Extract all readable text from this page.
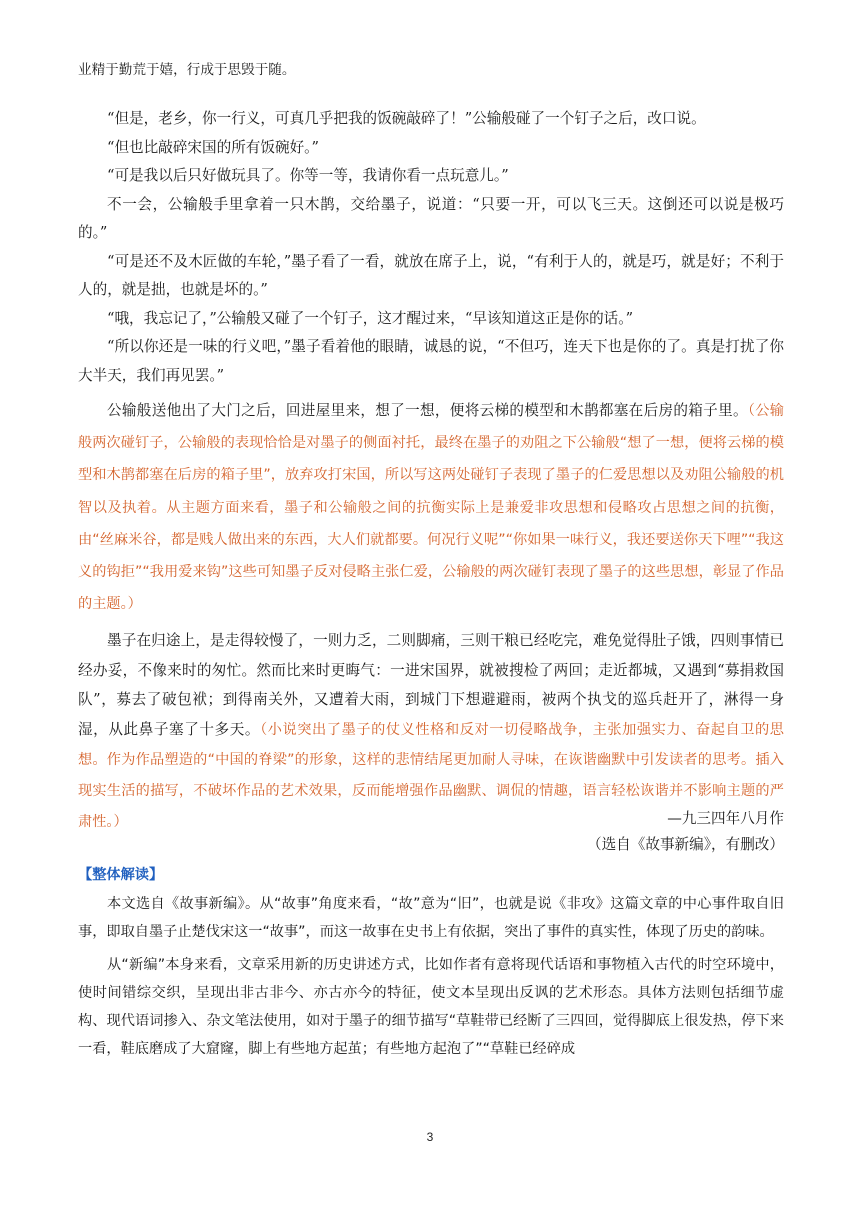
业精于勤荒于嬉，行成于思毁于随。

“但是，老乡，你一行义，可真几乎把我的饭碗敲碎了！”公输般碰了一个钉子之后，改口说。

“但也比敲碎宋国的所有饭碗好。”

“可是我以后只好做玩具了。你等一等，我请你看一点玩意儿。”

不一会，公输般手里拿着一只木鹊，交给墨子，说道：“只要一开，可以飞三天。这倒还可以说是极巧的。”

“可是还不及木匠做的车轮，”墨子看了一看，就放在席子上，说，“有利于人的，就是巧，就是好；不利于人的，就是拙，也就是坏的。”

“哦，我忘记了，”公输般又碰了一个钉子，这才醒过来，“早该知道这正是你的话。”

“所以你还是一味的行义吧，”墨子看着他的眼睛，诚恳的说，“不但巧，连天下也是你的了。真是打扰了你大半天，我们再见罢。”

公输般送他出了大门之后，回进屋里来，想了一想，便将云梯的模型和木鹊都塞在后房的箱子里。（公输般两次碰钉子，公输般的表现恰恰是对墨子的侧面衬托，最终在墨子的劝阻之下公输般“想了一想，便将云梯的模型和木鹊都塞在后房的箱子里”，放弃攻打宋国，所以写这两处碰钉子表现了墨子的仁爱思想以及劝阻公输般的机智以及执着。从主题方面来看，墨子和公输般之间的抗衡实际上是兼爱非攻思想和侵略攻占思想之间的抗衡，由“丝麻米谷，都是贱人做出来的东西，大人们就都要。何况行义呢”“你如果一味行义，我还要送你天下哩”“我这义的钩拒”“我用爱来钩”这些可知墨子反对侵略主张仁爱，公输般的两次碰钉表现了墨子的这些思想，彰显了作品的主题。）

墨子在归途上，是走得较慢了，一则力乏，二则脚痛，三则干粮已经吃完，难免觉得肚子饿，四则事情已经办妥，不像来时的匆忙。然而比来时更晦气：一进宋国界，就被搜检了两回；走近都城，又遇到“募捐救国队”，募去了破包袱；到得南关外，又遭着大雨，到城门下想避避雨，被两个执戈的巡兵赶开了，淋得一身湿，从此鼻子塞了十多天。（小说突出了墨子的仗义性格和反对一切侵略战争，主张加强实力、奋起自卫的思想。作为作品塑造的“中国的脊梁”的形象，这样的悲情结尾更加耐人寻味，在诙谐幽默中引发读者的思考。插入现实生活的描写，不破坏作品的艺术效果，反而能增强作品幽默、调侃的情趣，语言轻松诙谐并不影响主题的严肃性。）	—九三四年八月作
（选自《故事新编》，有删改）
【整体解读】

本文选自《故事新编》。从“故事”角度来看，“故”意为“旧”，也就是说《非攻》这篇文章的中心事件取自旧事，即取自墨子止楚伐宋这一“故事”，而这一故事在史书上有依据，突出了事件的真实性，体现了历史的韵味。

从“新编”本身来看，文章采用新的历史讲述方式，比如作者有意将现代话语和事物植入古代的时空环境中，使时间错综交织，呈现出非古非今、亦古亦今的特征，使文本呈现出反讽的艺术形态。具体方法则包括细节虚构、现代语词掺入、杂文笔法使用，如对于墨子的细节描写“草鞋带已经断了三四回，觉得脚底上很发热，停下来一看，鞋底磨成了大窟窿，脚上有些地方起茧；有些地方起泡了”“草鞋已经碎成

3
